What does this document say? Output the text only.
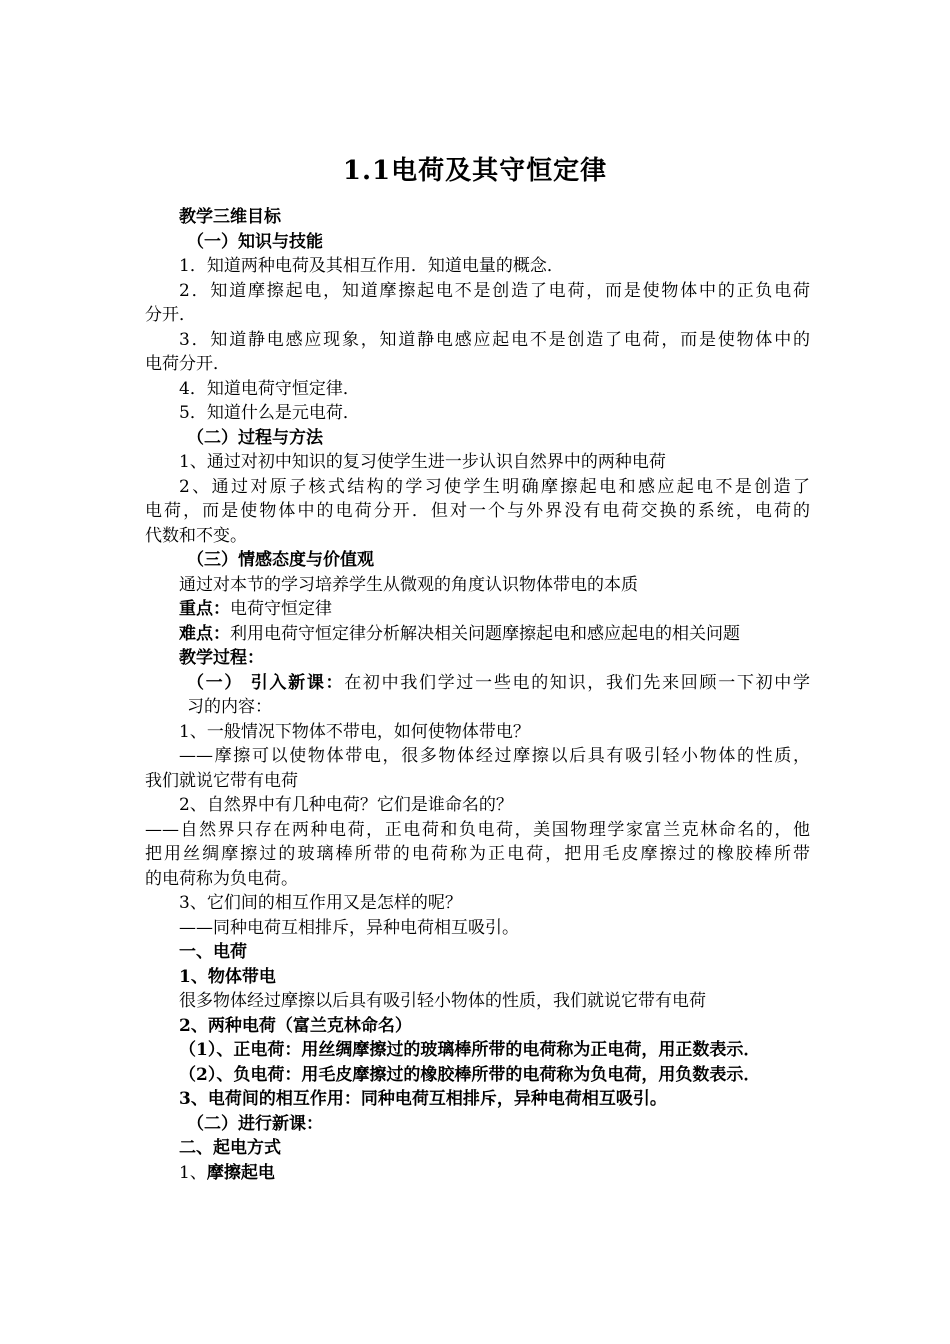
1.1电荷及其守恒定律
教学三维目标
（一）知识与技能
1．知道两种电荷及其相互作用．知道电量的概念．
2．知道摩擦起电，知道摩擦起电不是创造了电荷，而是使物体中的正负电荷
分开．
3．知道静电感应现象，知道静电感应起电不是创造了电荷，而是使物体中的
电荷分开．
4．知道电荷守恒定律．
5．知道什么是元电荷．
（二）过程与方法
1、通过对初中知识的复习使学生进一步认识自然界中的两种电荷
2、通过对原子核式结构的学习使学生明确摩擦起电和感应起电不是创造了
电荷，而是使物体中的电荷分开．但对一个与外界没有电荷交换的系统，电荷的
代数和不变。
（三）情感态度与价值观
通过对本节的学习培养学生从微观的角度认识物体带电的本质
重点：电荷守恒定律
难点：利用电荷守恒定律分析解决相关问题摩擦起电和感应起电的相关问题
教学过程：
（一） 引入新课：在初中我们学过一些电的知识，我们先来回顾一下初中学
习的内容：
1、一般情况下物体不带电，如何使物体带电？
——摩擦可以使物体带电，很多物体经过摩擦以后具有吸引轻小物体的性质，
我们就说它带有电荷
2、自然界中有几种电荷？它们是谁命名的？
——自然界只存在两种电荷，正电荷和负电荷，美国物理学家富兰克林命名的，他
把用丝绸摩擦过的玻璃棒所带的电荷称为正电荷，把用毛皮摩擦过的橡胶棒所带
的电荷称为负电荷。
3、它们间的相互作用又是怎样的呢？
——同种电荷互相排斥，异种电荷相互吸引。
一、电荷
1、物体带电
很多物体经过摩擦以后具有吸引轻小物体的性质，我们就说它带有电荷
2、两种电荷（富兰克林命名）
（1）、正电荷：用丝绸摩擦过的玻璃棒所带的电荷称为正电荷，用正数表示．
（2）、负电荷：用毛皮摩擦过的橡胶棒所带的电荷称为负电荷，用负数表示．
3、电荷间的相互作用：同种电荷互相排斥，异种电荷相互吸引。
（二）进行新课：
二、起电方式
1、摩擦起电
